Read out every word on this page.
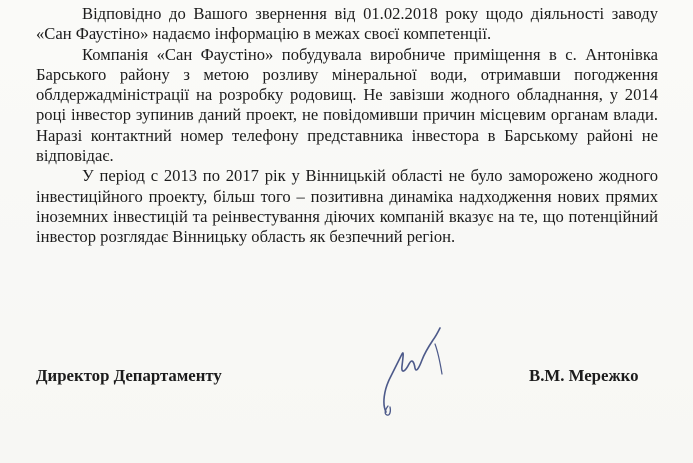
Відповідно до Вашого звернення від 01.02.2018 року щодо діяльності заводу «Сан Фаустіно» надаємо інформацію в межах своєї компетенції.

Компанія «Сан Фаустіно» побудувала виробниче приміщення в с. Антонівка Барського району з метою розливу мінеральної води, отримавши погодження облдержадміністрації на розробку родовищ. Не завізши жодного обладнання, у 2014 році інвестор зупинив даний проект, не повідомивши причин місцевим органам влади. Наразі контактний номер телефону представника інвестора в Барському районі не відповідає.

У період с 2013 по 2017 рік у Вінницькій області не було заморожено жодного інвестиційного проекту, більш того – позитивна динаміка надходження нових прямих іноземних інвестицій та реінвестування діючих компаній вказує на те, що потенційний інвестор розглядає Вінницьку область як безпечний регіон.

Директор Департаменту	В.М. Мережко
